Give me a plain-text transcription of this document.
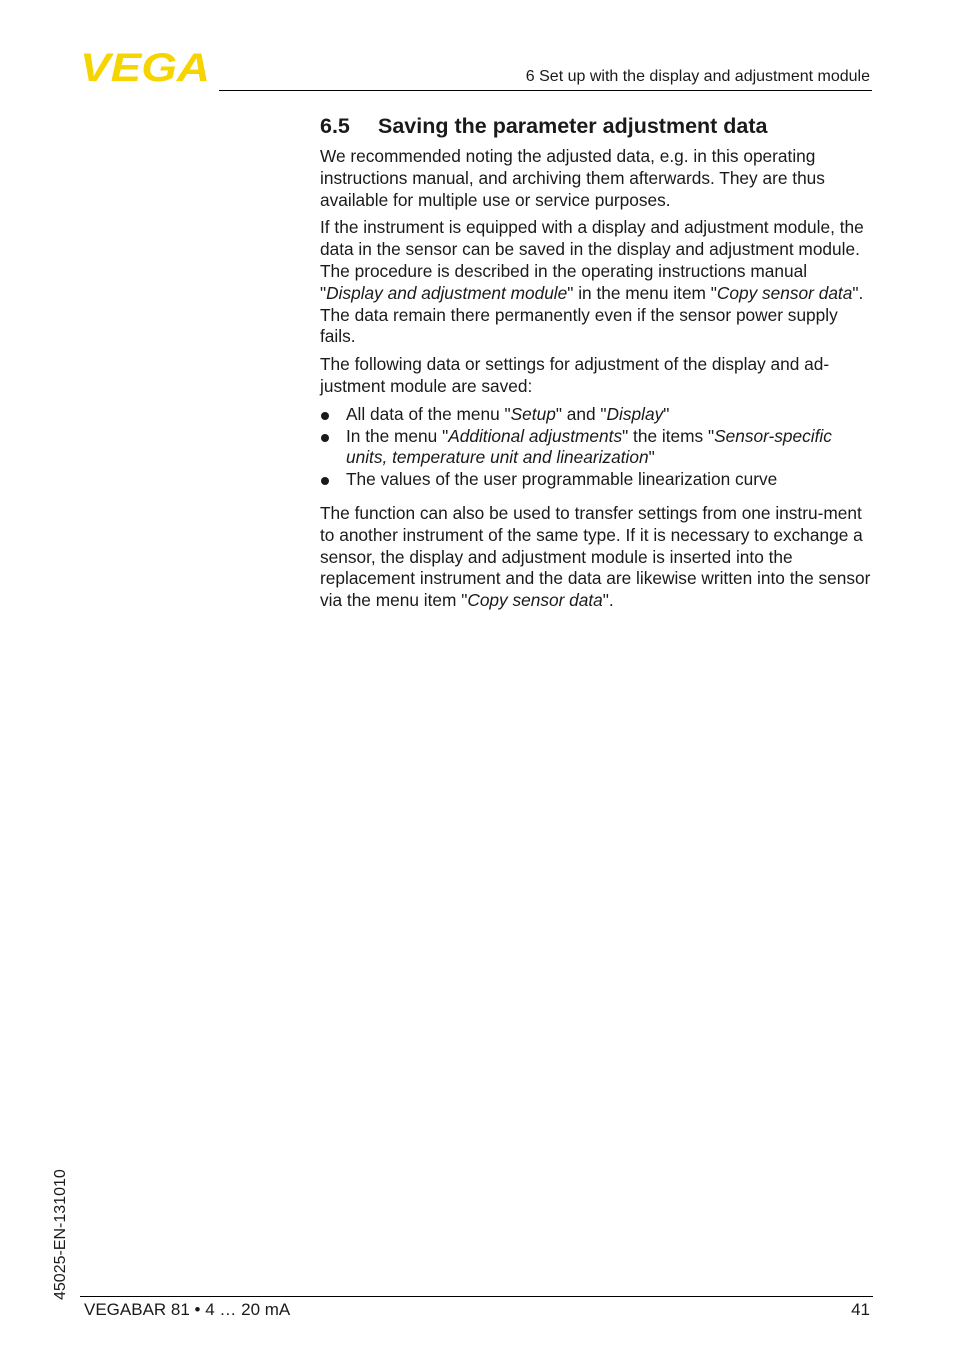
VEGA	6 Set up with the display and adjustment module
6.5 Saving the parameter adjustment data

We recommended noting the adjusted data, e.g. in this operating instructions manual, and archiving them afterwards. They are thus available for multiple use or service purposes.

If the instrument is equipped with a display and adjustment module, the data in the sensor can be saved in the display and adjustment module. The procedure is described in the operating instructions manual "Display and adjustment module" in the menu item "Copy sensor data". The data remain there permanently even if the sensor power supply fails.

The following data or settings for adjustment of the display and ad-justment module are saved:

All data of the menu "Setup" and "Display"
In the menu "Additional adjustments" the items "Sensor-specific units, temperature unit and linearization"
The values of the user programmable linearization curve

The function can also be used to transfer settings from one instru-ment to another instrument of the same type. If it is necessary to exchange a sensor, the display and adjustment module is inserted into the replacement instrument and the data are likewise written into the sensor via the menu item "Copy sensor data".

45025-EN-131010
VEGABAR 81 • 4 … 20 mA	41
